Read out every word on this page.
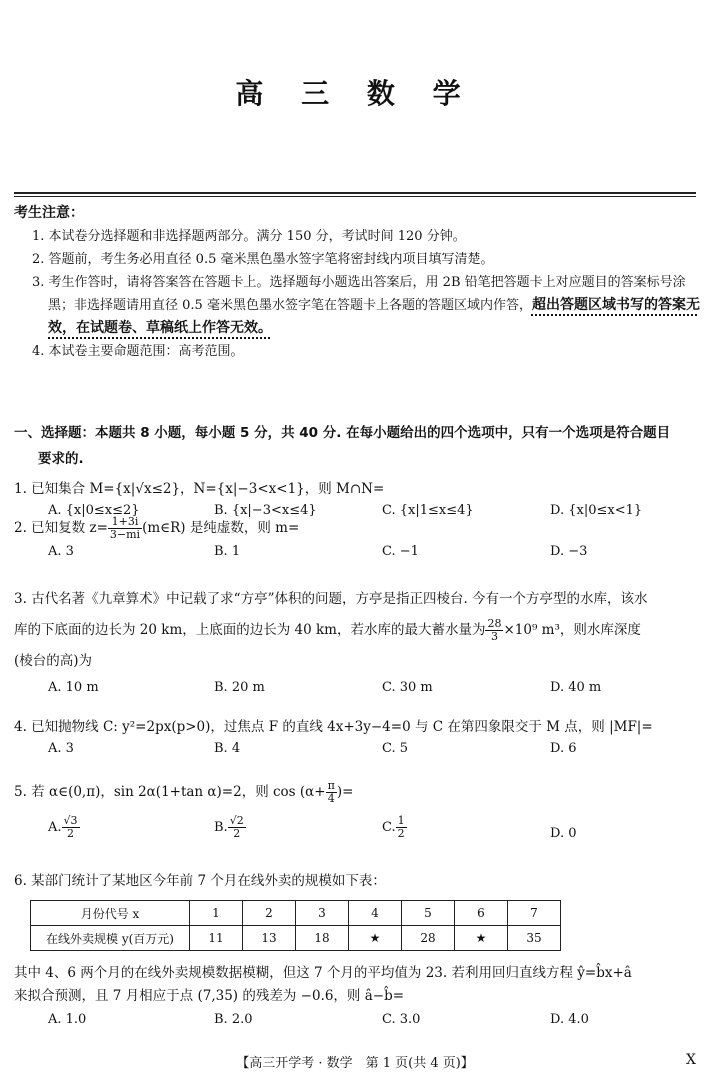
高 三 数 学
考生注意：

1. 本试卷分选择题和非选择题两部分。满分 150 分，考试时间 120 分钟。

2. 答题前，考生务必用直径 0.5 毫米黑色墨水签字笔将密封线内项目填写清楚。

3. 考生作答时，请将答案答在答题卡上。选择题每小题选出答案后，用 2B 铅笔把答题卡上对应题目的答案标号涂黑；非选择题请用直径 0.5 毫米黑色墨水签字笔在答题卡上各题的答题区域内作答，超出答题区域书写的答案无效，在试题卷、草稿纸上作答无效。

4. 本试卷主要命题范围：高考范围。

一、选择题：本题共 8 小题，每小题 5 分，共 40 分. 在每小题给出的四个选项中，只有一个选项是符合题目
要求的.
1. 已知集合 M={x|√x≤2}，N={x|−3<x<1}，则 M∩N=
A. {x|0≤x≤2}	B. {x|−3<x≤4}	C. {x|1≤x≤4}	D. {x|0≤x<1}
2. 已知复数 $z= \frac{1+3i}{3-mi}$ (m∈R) 是纯虚数，则 m=
A. 3	B. 1	C. −1	D. −3
3. 古代名著《九章算术》中记载了求“方亭”体积的问题，方亭是指正四棱台. 今有一个方亭型的水库，该水
库的下底面的边长为 20 km，上底面的边长为 40 km，若水库的最大蓄水量为 $\frac{28}{3} \times 10^9$ m³，则水库深度
(棱台的高)为
A. 10 m	B. 20 m	C. 30 m	D. 40 m
4. 已知抛物线 C: y²=2px(p>0)，过焦点 F 的直线 4x+3y−4=0 与 C 在第四象限交于 M 点，则 |MF|=
A. 3	B. 4	C. 5	D. 6
5. 若 α∈(0,π)，sin 2α(1+tan α)=2，则 $\cos (\alpha+ \frac{\pi}{4}$ )=
A. $\frac{√3}{2}$	B. $\frac{√2}{2}$	C. $\frac{1}{2}$	D. 0
6. 某部门统计了某地区今年前 7 个月在线外卖的规模如下表：
月份代号 x	1	2	3	4	5	6	7
在线外卖规模 y(百万元)	11	13	18	★	28	★	35
其中 4、6 两个月的在线外卖规模数据模糊，但这 7 个月的平均值为 23. 若利用回归直线方程 ŷ=b̂x+â
来拟合预测，且 7 月相应于点 (7,35) 的残差为 −0.6，则 â−b̂=
A. 1.0	B. 2.0	C. 3.0	D. 4.0
【高三开学考 · 数学　第 1 页(共 4 页)】	X
